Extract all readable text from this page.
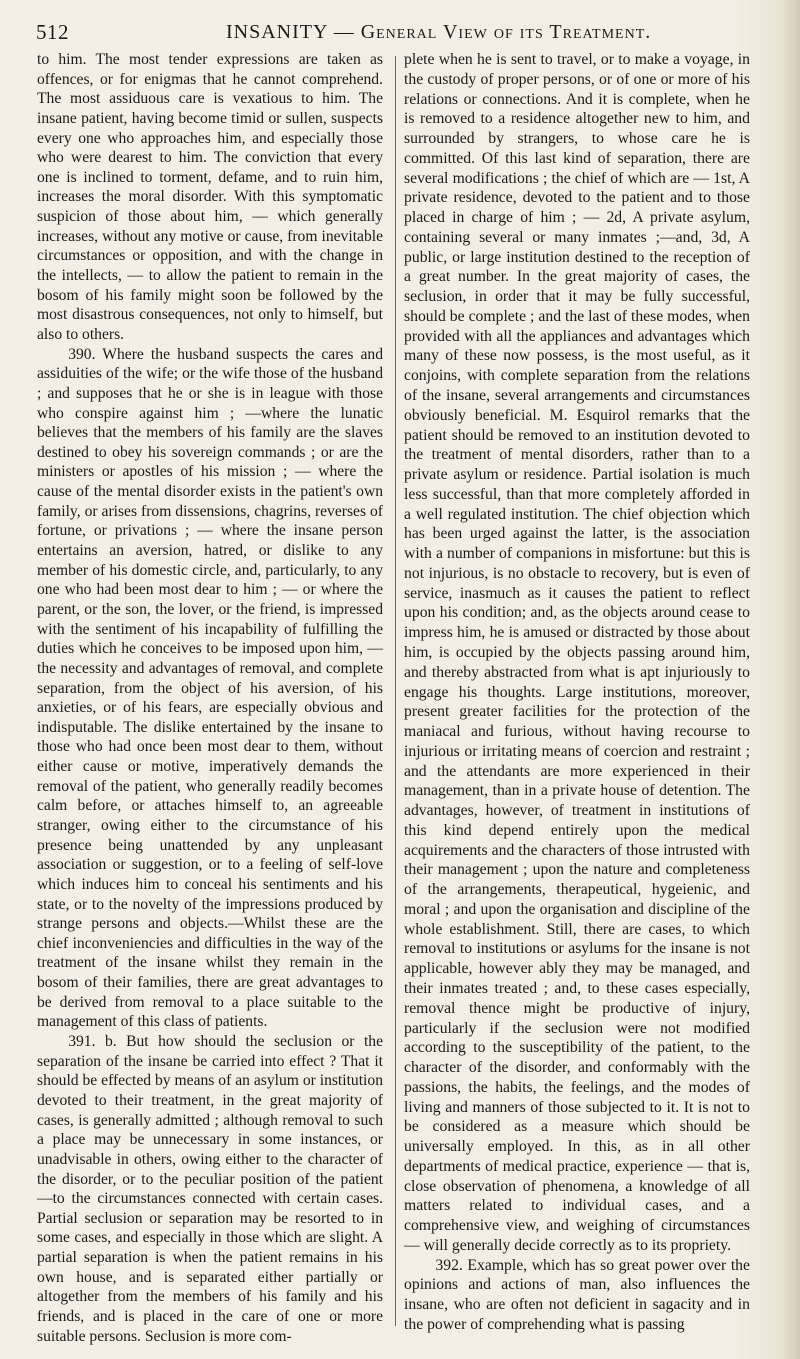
512	INSANITY — General View of its Treatment.

to him. The most tender expressions are taken as offences, or for enigmas that he cannot comprehend. The most assiduous care is vexatious to him. The insane patient, having become timid or sullen, suspects every one who approaches him, and especially those who were dearest to him. The conviction that every one is inclined to torment, defame, and to ruin him, increases the moral disorder. With this symptomatic suspicion of those about him, — which generally increases, without any motive or cause, from inevitable circumstances or opposition, and with the change in the intellects, — to allow the patient to remain in the bosom of his family might soon be followed by the most disastrous consequences, not only to himself, but also to others.

390. Where the husband suspects the cares and assiduities of the wife; or the wife those of the husband ; and supposes that he or she is in league with those who conspire against him ; —where the lunatic believes that the members of his family are the slaves destined to obey his sovereign commands ; or are the ministers or apostles of his mission ; — where the cause of the mental disorder exists in the patient's own family, or arises from dissensions, chagrins, reverses of fortune, or privations ; — where the insane person entertains an aversion, hatred, or dislike to any member of his domestic circle, and, particularly, to any one who had been most dear to him ; — or where the parent, or the son, the lover, or the friend, is impressed with the sentiment of his incapability of fulfilling the duties which he conceives to be imposed upon him, —the necessity and advantages of removal, and complete separation, from the object of his aversion, of his anxieties, or of his fears, are especially obvious and indisputable. The dislike entertained by the insane to those who had once been most dear to them, without either cause or motive, imperatively demands the removal of the patient, who generally readily becomes calm before, or attaches himself to, an agreeable stranger, owing either to the circumstance of his presence being unattended by any unpleasant association or suggestion, or to a feeling of self-love which induces him to conceal his sentiments and his state, or to the novelty of the impressions produced by strange persons and objects.—Whilst these are the chief inconveniencies and difficulties in the way of the treatment of the insane whilst they remain in the bosom of their families, there are great advantages to be derived from removal to a place suitable to the management of this class of patients.

391. b. But how should the seclusion or the separation of the insane be carried into effect ? That it should be effected by means of an asylum or institution devoted to their treatment, in the great majority of cases, is generally admitted ; although removal to such a place may be unnecessary in some instances, or unadvisable in others, owing either to the character of the disorder, or to the peculiar position of the patient —to the circumstances connected with certain cases. Partial seclusion or separation may be resorted to in some cases, and especially in those which are slight. A partial separation is when the patient remains in his own house, and is separated either partially or altogether from the members of his family and his friends, and is placed in the care of one or more suitable persons. Seclusion is more com-

plete when he is sent to travel, or to make a voyage, in the custody of proper persons, or of one or more of his relations or connections. And it is complete, when he is removed to a residence altogether new to him, and surrounded by strangers, to whose care he is committed. Of this last kind of separation, there are several modifications ; the chief of which are — 1st, A private residence, devoted to the patient and to those placed in charge of him ; — 2d, A private asylum, containing several or many inmates ;—and, 3d, A public, or large institution destined to the reception of a great number. In the great majority of cases, the seclusion, in order that it may be fully successful, should be complete ; and the last of these modes, when provided with all the appliances and advantages which many of these now possess, is the most useful, as it conjoins, with complete separation from the relations of the insane, several arrangements and circumstances obviously beneficial. M. Esquirol remarks that the patient should be removed to an institution devoted to the treatment of mental disorders, rather than to a private asylum or residence. Partial isolation is much less successful, than that more completely afforded in a well regulated institution. The chief objection which has been urged against the latter, is the association with a number of companions in misfortune: but this is not injurious, is no obstacle to recovery, but is even of service, inasmuch as it causes the patient to reflect upon his condition; and, as the objects around cease to impress him, he is amused or distracted by those about him, is occupied by the objects passing around him, and thereby abstracted from what is apt injuriously to engage his thoughts. Large institutions, moreover, present greater facilities for the protection of the maniacal and furious, without having recourse to injurious or irritating means of coercion and restraint ; and the attendants are more experienced in their management, than in a private house of detention. The advantages, however, of treatment in institutions of this kind depend entirely upon the medical acquirements and the characters of those intrusted with their management ; upon the nature and completeness of the arrangements, therapeutical, hygeienic, and moral ; and upon the organisation and discipline of the whole establishment. Still, there are cases, to which removal to institutions or asylums for the insane is not applicable, however ably they may be managed, and their inmates treated ; and, to these cases especially, removal thence might be productive of injury, particularly if the seclusion were not modified according to the susceptibility of the patient, to the character of the disorder, and conformably with the passions, the habits, the feelings, and the modes of living and manners of those subjected to it. It is not to be considered as a measure which should be universally employed. In this, as in all other departments of medical practice, experience — that is, close observation of phenomena, a knowledge of all matters related to individual cases, and a comprehensive view, and weighing of circumstances — will generally decide correctly as to its propriety.

392. Example, which has so great power over the opinions and actions of man, also influences the insane, who are often not deficient in sagacity and in the power of comprehending what is passing
